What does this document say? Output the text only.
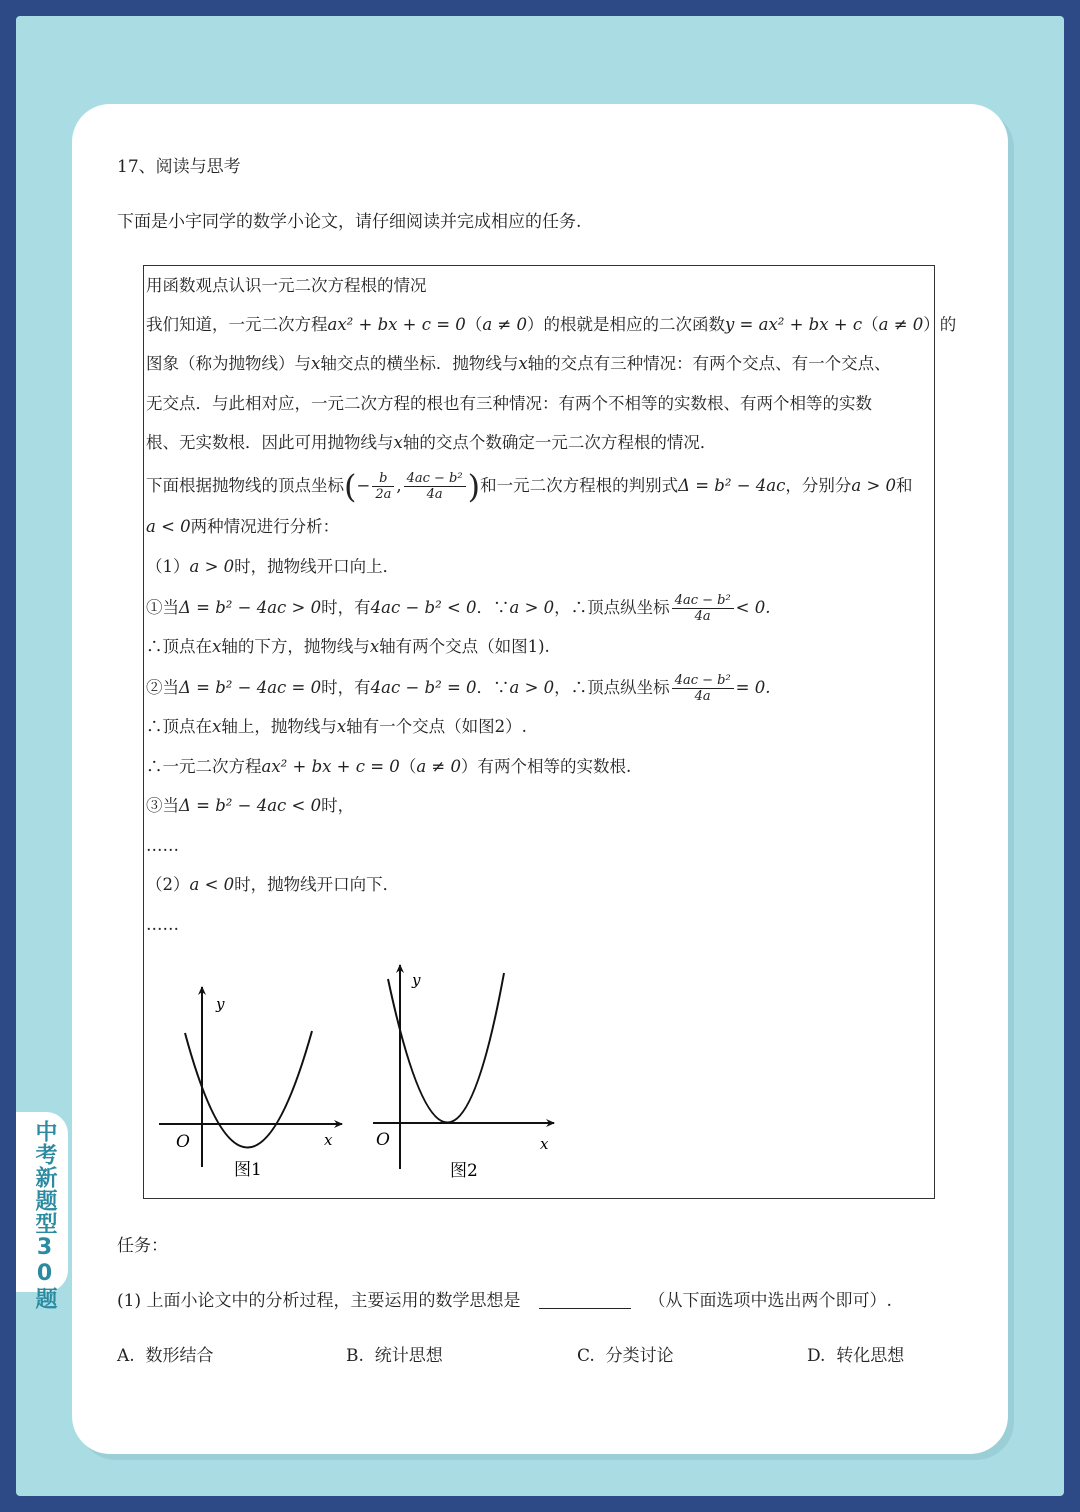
中考新题型30题
17、阅读与思考
下面是小宇同学的数学小论文，请仔细阅读并完成相应的任务.
用函数观点认识一元二次方程根的情况
我们知道，一元二次方程ax² + bx + c = 0（a ≠ 0）的根就是相应的二次函数y = ax² + bx + c（a ≠ 0）的
图象（称为抛物线）与x轴交点的横坐标．抛物线与x轴的交点有三种情况：有两个交点、有一个交点、
无交点．与此相对应，一元二次方程的根也有三种情况：有两个不相等的实数根、有两个相等的实数
根、无实数根．因此可用抛物线与x轴的交点个数确定一元二次方程根的情况．
下面根据抛物线的顶点坐标(− $\frac{b}{2a}$ , $\frac{\text{4ac − b²}}{4a}$ )和一元二次方程根的判别式Δ = b² − 4ac，分别分a > 0和
a < 0两种情况进行分析：
（1）a > 0时，抛物线开口向上．
①当Δ = b² − 4ac > 0时，有4ac − b² < 0．∵a > 0，∴顶点纵坐标 $\frac{\text{4ac − b²}}{4a} < 0$.
∴顶点在x轴的下方，抛物线与x轴有两个交点（如图1).
②当Δ = b² − 4ac = 0时，有4ac − b² = 0．∵a > 0，∴顶点纵坐标 $\frac{\text{4ac − b²}}{4a} = 0$.
∴顶点在x轴上，抛物线与x轴有一个交点（如图2）.
∴一元二次方程ax² + bx + c = 0（a ≠ 0）有两个相等的实数根.
③当Δ = b² − 4ac < 0时，
……
（2）a < 0时，抛物线开口向下．
……
y
x
O
图1
y
x
O
图2
任务：
(1) 上面小论文中的分析过程，主要运用的数学思想是	（从下面选项中选出两个即可）.
A. 数形结合	B. 统计思想	C. 分类讨论	D. 转化思想
